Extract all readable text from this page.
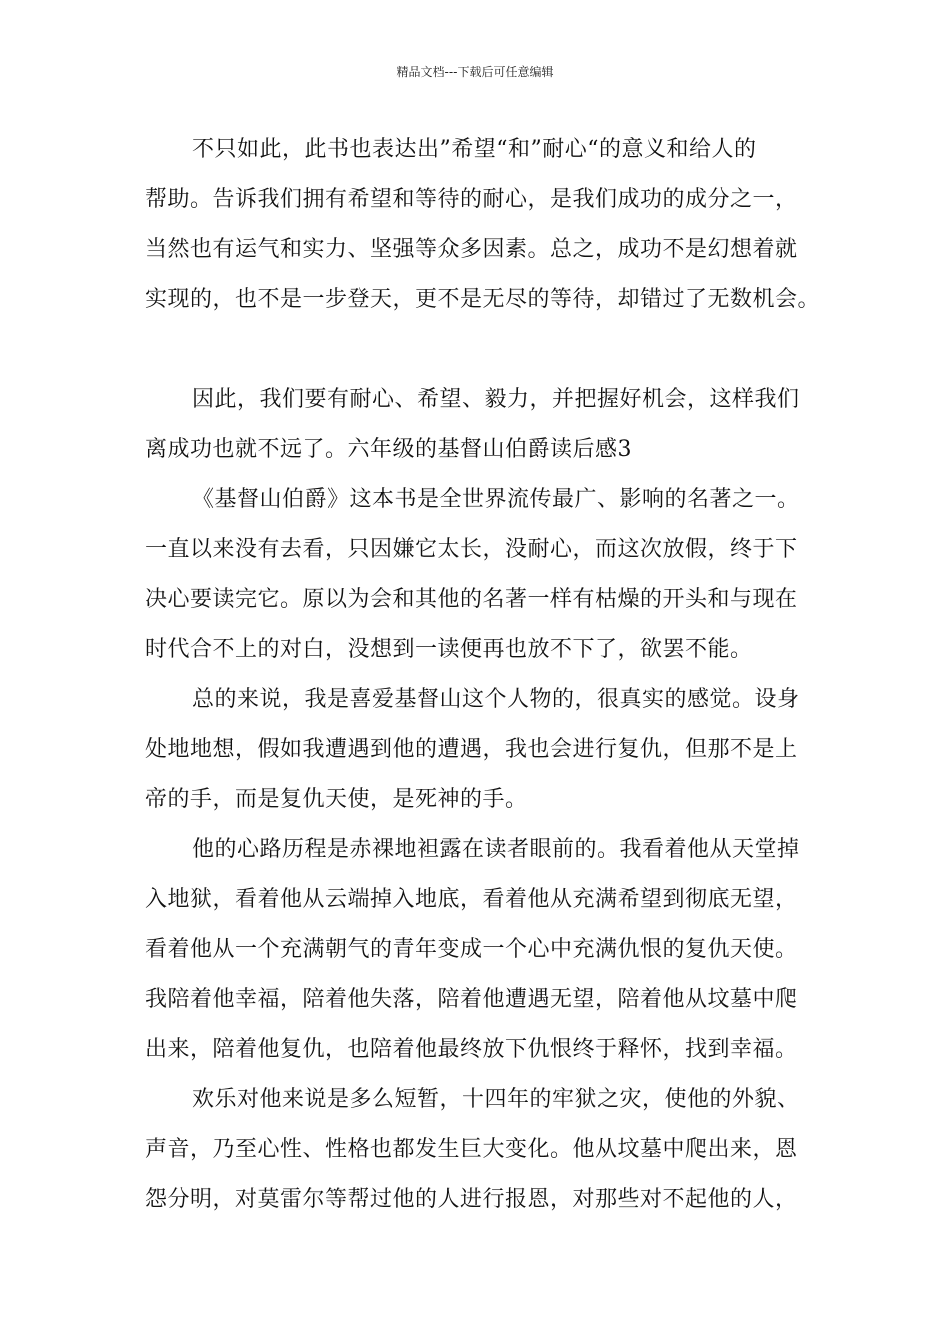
精品文档---下载后可任意编辑
不只如此，此书也表达出”希望“和”耐心“的意义和给人的
帮助。告诉我们拥有希望和等待的耐心，是我们成功的成分之一，
当然也有运气和实力、坚强等众多因素。总之，成功不是幻想着就
实现的，也不是一步登天，更不是无尽的等待，却错过了无数机会。
因此，我们要有耐心、希望、毅力，并把握好机会，这样我们
离成功也就不远了。六年级的基督山伯爵读后感3
《基督山伯爵》这本书是全世界流传最广、影响的名著之一。
一直以来没有去看，只因嫌它太长，没耐心，而这次放假，终于下
决心要读完它。原以为会和其他的名著一样有枯燥的开头和与现在
时代合不上的对白，没想到一读便再也放不下了，欲罢不能。
总的来说，我是喜爱基督山这个人物的，很真实的感觉。设身
处地地想，假如我遭遇到他的遭遇，我也会进行复仇，但那不是上
帝的手，而是复仇天使，是死神的手。
他的心路历程是赤裸地袒露在读者眼前的。我看着他从天堂掉
入地狱，看着他从云端掉入地底，看着他从充满希望到彻底无望，
看着他从一个充满朝气的青年变成一个心中充满仇恨的复仇天使。
我陪着他幸福，陪着他失落，陪着他遭遇无望，陪着他从坟墓中爬
出来，陪着他复仇，也陪着他最终放下仇恨终于释怀，找到幸福。
欢乐对他来说是多么短暂，十四年的牢狱之灾，使他的外貌、
声音，乃至心性、性格也都发生巨大变化。他从坟墓中爬出来，恩
怨分明，对莫雷尔等帮过他的人进行报恩，对那些对不起他的人，
